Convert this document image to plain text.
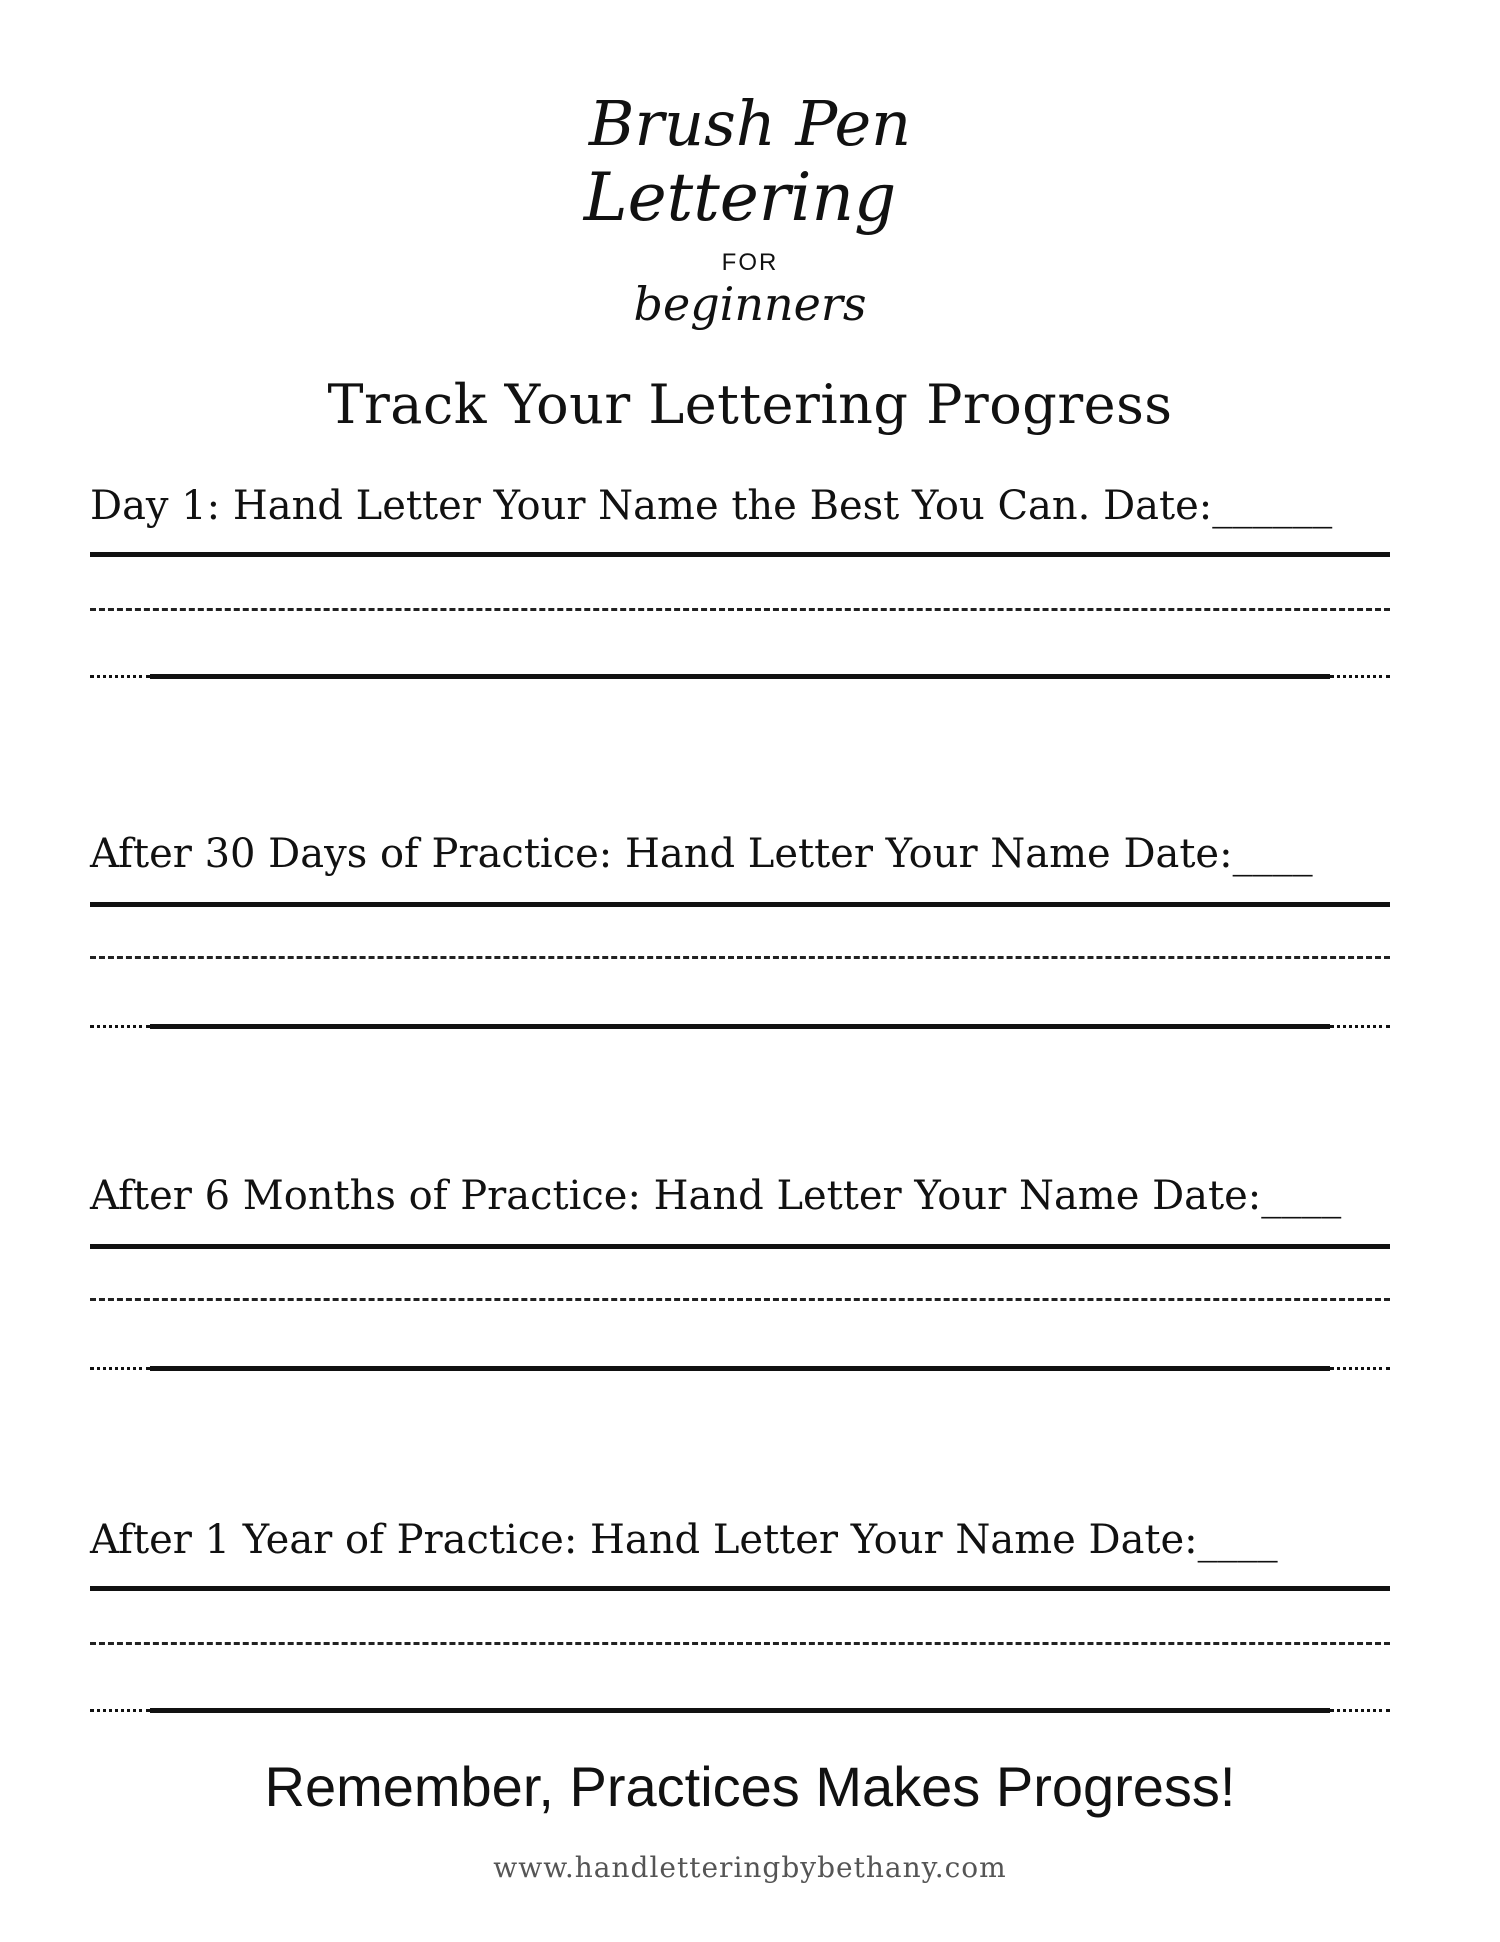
Brush Pen
Lettering
FOR
beginners
Track Your Lettering Progress
Day 1: Hand Letter Your Name the Best You Can. Date:______
After 30 Days of Practice: Hand Letter Your Name Date:____
After 6 Months of Practice: Hand Letter Your Name Date:____
After 1 Year of Practice: Hand Letter Your Name Date:____
Remember, Practices Makes Progress!
www.handletteringbybethany.com
